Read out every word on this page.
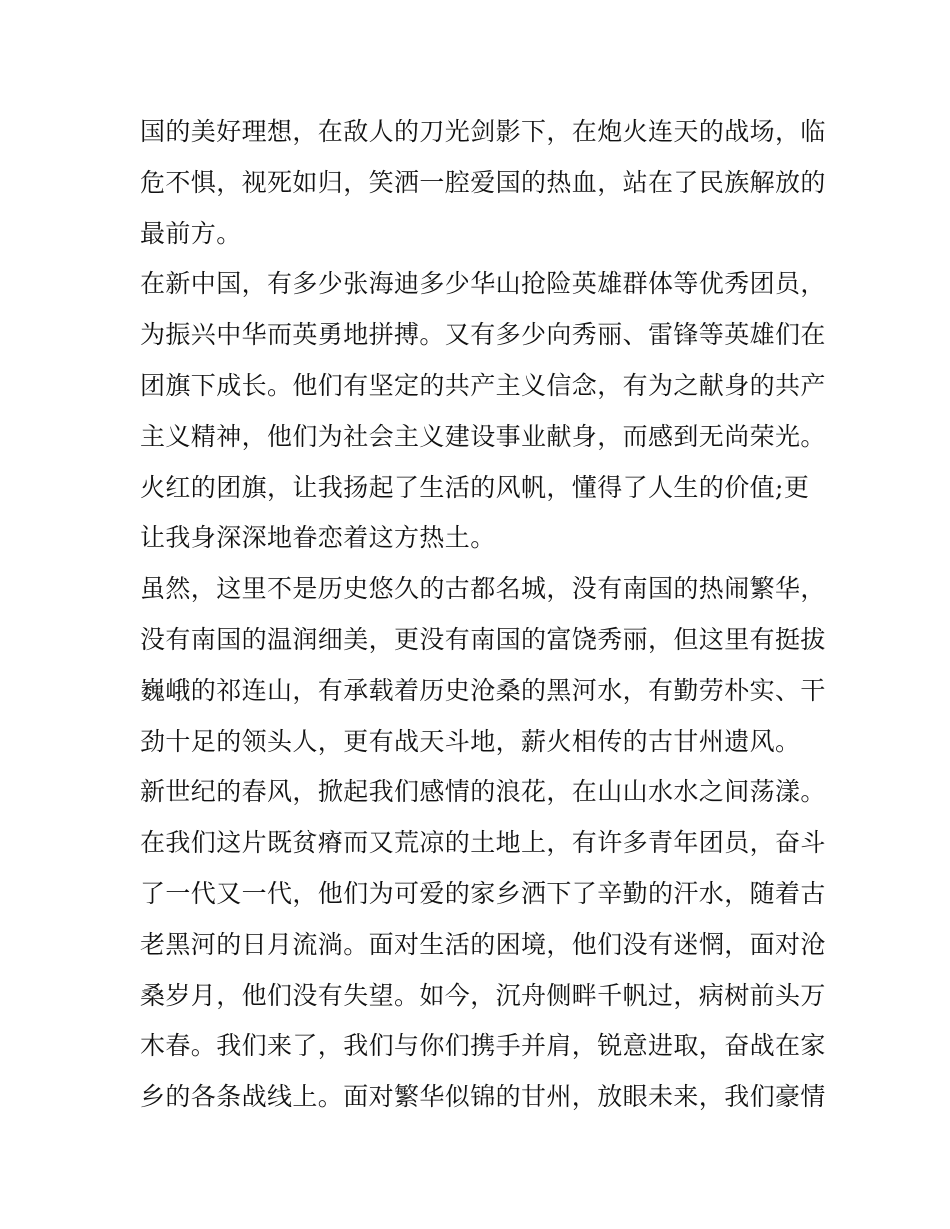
国的美好理想，在敌人的刀光剑影下，在炮火连天的战场，临
危不惧，视死如归，笑洒一腔爱国的热血，站在了民族解放的
最前方。
在新中国，有多少张海迪多少华山抢险英雄群体等优秀团员，
为振兴中华而英勇地拼搏。又有多少向秀丽、雷锋等英雄们在
团旗下成长。他们有坚定的共产主义信念，有为之献身的共产
主义精神，他们为社会主义建设事业献身，而感到无尚荣光。
火红的团旗，让我扬起了生活的风帆，懂得了人生的价值;更
让我身深深地眷恋着这方热土。
虽然，这里不是历史悠久的古都名城，没有南国的热闹繁华，
没有南国的温润细美，更没有南国的富饶秀丽，但这里有挺拔
巍峨的祁连山，有承载着历史沧桑的黑河水，有勤劳朴实、干
劲十足的领头人，更有战天斗地，薪火相传的古甘州遗风。
新世纪的春风，掀起我们感情的浪花，在山山水水之间荡漾。
在我们这片既贫瘠而又荒凉的土地上，有许多青年团员，奋斗
了一代又一代，他们为可爱的家乡洒下了辛勤的汗水，随着古
老黑河的日月流淌。面对生活的困境，他们没有迷惘，面对沧
桑岁月，他们没有失望。如今，沉舟侧畔千帆过，病树前头万
木春。我们来了，我们与你们携手并肩，锐意进取，奋战在家
乡的各条战线上。面对繁华似锦的甘州，放眼未来，我们豪情
